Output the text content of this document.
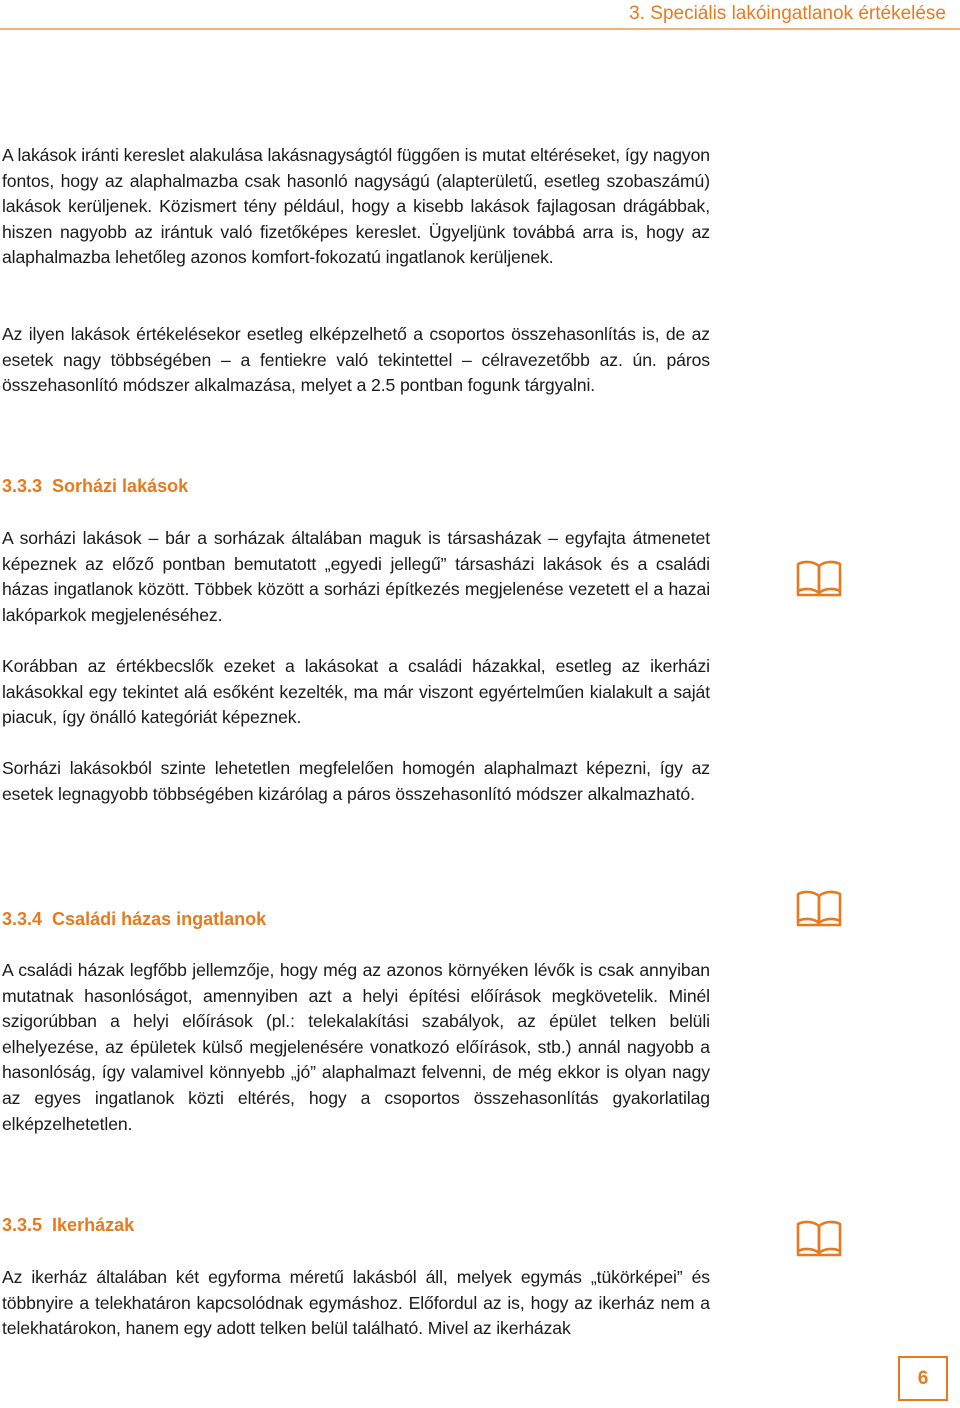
3. Speciális lakóingatlanok értékelése

A lakások iránti kereslet alakulása lakásnagyságtól függően is mutat eltéréseket, így nagyon fontos, hogy az alaphalmazba csak hasonló nagyságú (alapterületű, esetleg szobaszámú) lakások kerüljenek. Közismert tény például, hogy a kisebb lakások fajlagosan drágábbak, hiszen nagyobb az irántuk való fizetőképes kereslet. Ügyeljünk továbbá arra is, hogy az alaphalmazba lehetőleg azonos komfort-fokozatú ingatlanok kerüljenek.

Az ilyen lakások értékelésekor esetleg elképzelhető a csoportos összehasonlítás is, de az esetek nagy többségében – a fentiekre való tekintettel – célravezetőbb az. ún. páros összehasonlító módszer alkalmazása, melyet a 2.5 pontban fogunk tárgyalni.

3.3.3 Sorházi lakások

A sorházi lakások – bár a sorházak általában maguk is társasházak – egyfajta átmenetet képeznek az előző pontban bemutatott „egyedi jellegű” társasházi lakások és a családi házas ingatlanok között. Többek között a sorházi építkezés megjelenése vezetett el a hazai lakóparkok megjelenéséhez.

Korábban az értékbecslők ezeket a lakásokat a családi házakkal, esetleg az ikerházi lakásokkal egy tekintet alá esőként kezelték, ma már viszont egyértelműen kialakult a saját piacuk, így önálló kategóriát képeznek.

Sorházi lakásokból szinte lehetetlen megfelelően homogén alaphalmazt képezni, így az esetek legnagyobb többségében kizárólag a páros összehasonlító módszer alkalmazható.

3.3.4 Családi házas ingatlanok

A családi házak legfőbb jellemzője, hogy még az azonos környéken lévők is csak annyiban mutatnak hasonlóságot, amennyiben azt a helyi építési előírások megkövetelik. Minél szigorúbban a helyi előírások (pl.: telekalakítási szabályok, az épület telken belüli elhelyezése, az épületek külső megjelenésére vonatkozó előírások, stb.) annál nagyobb a hasonlóság, így valamivel könnyebb „jó” alaphalmazt felvenni, de még ekkor is olyan nagy az egyes ingatlanok közti eltérés, hogy a csoportos összehasonlítás gyakorlatilag elképzelhetetlen.

3.3.5 Ikerházak

Az ikerház általában két egyforma méretű lakásból áll, melyek egymás „tükörképei” és többnyire a telekhatáron kapcsolódnak egymáshoz. Előfordul az is, hogy az ikerház nem a telekhatárokon, hanem egy adott telken belül található. Mivel az ikerházak

6
